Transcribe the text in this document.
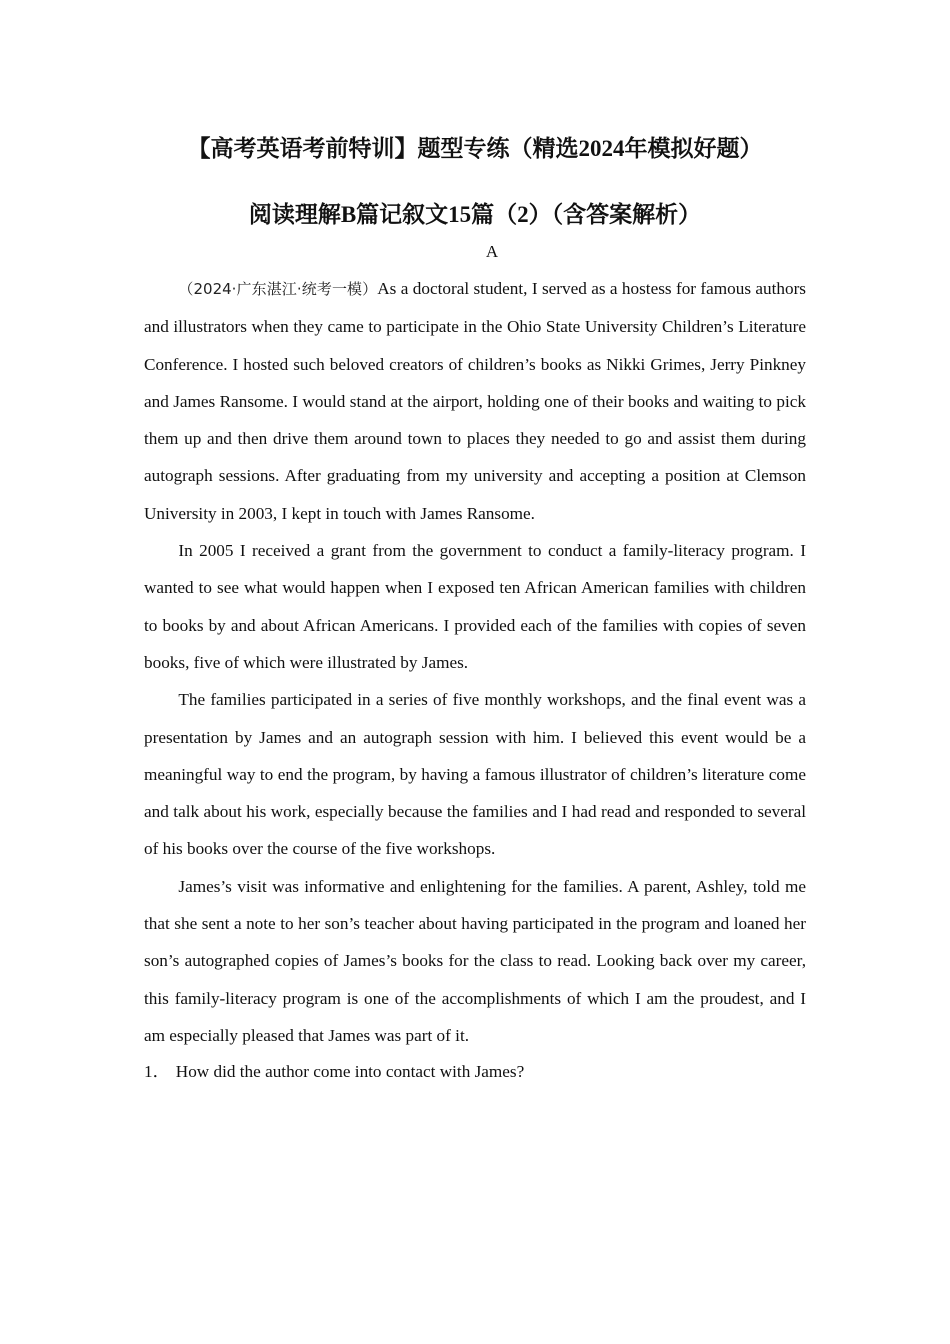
【高考英语考前特训】题型专练（精选2024年模拟好题）
阅读理解B篇记叙文15篇（2）（含答案解析）
A

（2024·广东湛江·统考一模）As a doctoral student, I served as a hostess for famous authors and illustrators when they came to participate in the Ohio State University Children’s Literature Conference. I hosted such beloved creators of children’s books as Nikki Grimes, Jerry Pinkney and James Ransome. I would stand at the airport, holding one of their books and waiting to pick them up and then drive them around town to places they needed to go and assist them during autograph sessions. After graduating from my university and accepting a position at Clemson University in 2003, I kept in touch with James Ransome.

In 2005 I received a grant from the government to conduct a family-literacy program. I wanted to see what would happen when I exposed ten African American families with children to books by and about African Americans. I provided each of the families with copies of seven books, five of which were illustrated by James.

The families participated in a series of five monthly workshops, and the final event was a presentation by James and an autograph session with him. I believed this event would be a meaningful way to end the program, by having a famous illustrator of children’s literature come and talk about his work, especially because the families and I had read and responded to several of his books over the course of the five workshops.

James’s visit was informative and enlightening for the families. A parent, Ashley, told me that she sent a note to her son’s teacher about having participated in the program and loaned her son’s autographed copies of James’s books for the class to read. Looking back over my career, this family-literacy program is one of the accomplishments of which I am the proudest, and I am especially pleased that James was part of it.

1． How did the author come into contact with James?
